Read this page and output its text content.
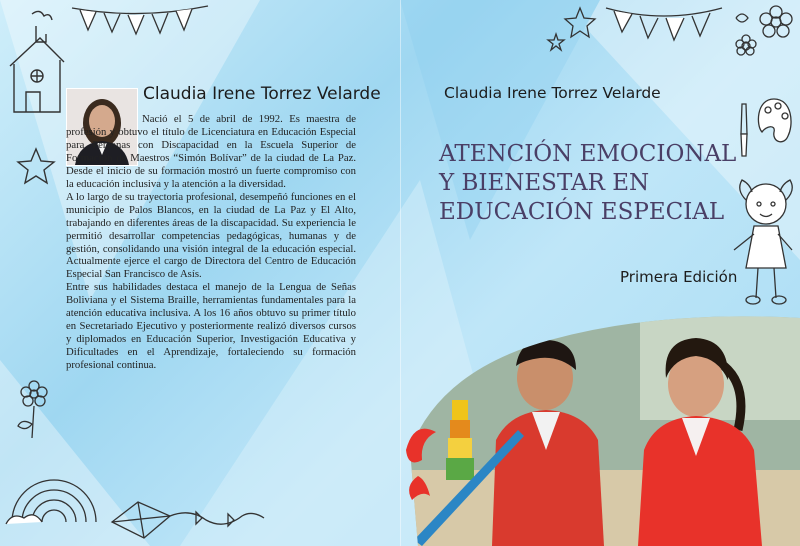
Claudia Irene Torrez Velarde

Nació el 5 de abril de 1992. Es maestra de profesión y obtuvo el título de Licenciatura en Educación Especial para Personas con Discapacidad en la Escuela Superior de Formación de Maestros “Simón Bolívar” de la ciudad de La Paz. Desde el inicio de su formación mostró un fuerte compromiso con la educación inclusiva y la atención a la diversidad.

A lo largo de su trayectoria profesional, desempeñó funciones en el municipio de Palos Blancos, en la ciudad de La Paz y El Alto, trabajando en diferentes áreas de la discapacidad. Su experiencia le permitió desarrollar competencias pedagógicas, humanas y de gestión, consolidando una visión integral de la educación especial. Actualmente ejerce el cargo de Directora del Centro de Educación Especial San Francisco de Asís.

Entre sus habilidades destaca el manejo de la Lengua de Señas Boliviana y el Sistema Braille, herramientas fundamentales para la atención educativa inclusiva. A los 16 años obtuvo su primer título en Secretariado Ejecutivo y posteriormente realizó diversos cursos y diplomados en Educación Superior, Investigación Educativa y Dificultades en el Aprendizaje, fortaleciendo su formación profesional continua.

Claudia Irene Torrez Velarde
ATENCIÓN EMOCIONAL
Y BIENESTAR EN
EDUCACIÓN ESPECIAL
Primera Edición
